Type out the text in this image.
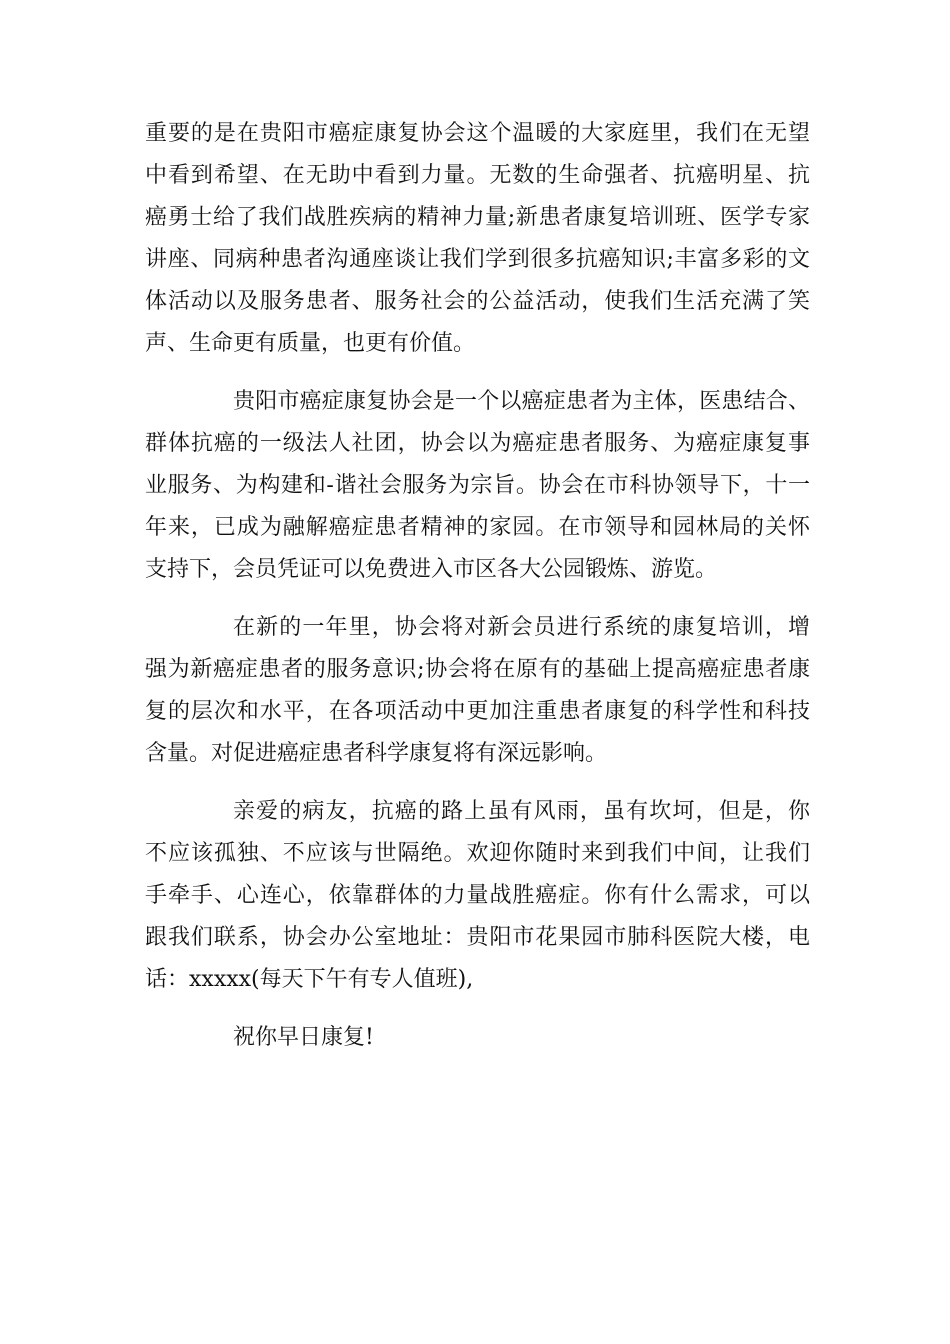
重要的是在贵阳市癌症康复协会这个温暖的大家庭里，我们在无望
中看到希望、在无助中看到力量。无数的生命强者、抗癌明星、抗
癌勇士给了我们战胜疾病的精神力量;新患者康复培训班、医学专家
讲座、同病种患者沟通座谈让我们学到很多抗癌知识;丰富多彩的文
体活动以及服务患者、服务社会的公益活动，使我们生活充满了笑
声、生命更有质量，也更有价值。

贵阳市癌症康复协会是一个以癌症患者为主体，医患结合、
群体抗癌的一级法人社团，协会以为癌症患者服务、为癌症康复事
业服务、为构建和-谐社会服务为宗旨。协会在市科协领导下，十一
年来，已成为融解癌症患者精神的家园。在市领导和园林局的关怀
支持下，会员凭证可以免费进入市区各大公园锻炼、游览。

在新的一年里，协会将对新会员进行系统的康复培训，增
强为新癌症患者的服务意识;协会将在原有的基础上提高癌症患者康
复的层次和水平，在各项活动中更加注重患者康复的科学性和科技
含量。对促进癌症患者科学康复将有深远影响。

亲爱的病友，抗癌的路上虽有风雨，虽有坎坷，但是，你
不应该孤独、不应该与世隔绝。欢迎你随时来到我们中间，让我们
手牵手、心连心，依靠群体的力量战胜癌症。你有什么需求，可以
跟我们联系，协会办公室地址：贵阳市花果园市肺科医院大楼，电
话：xxxxx(每天下午有专人值班),

祝你早日康复!
